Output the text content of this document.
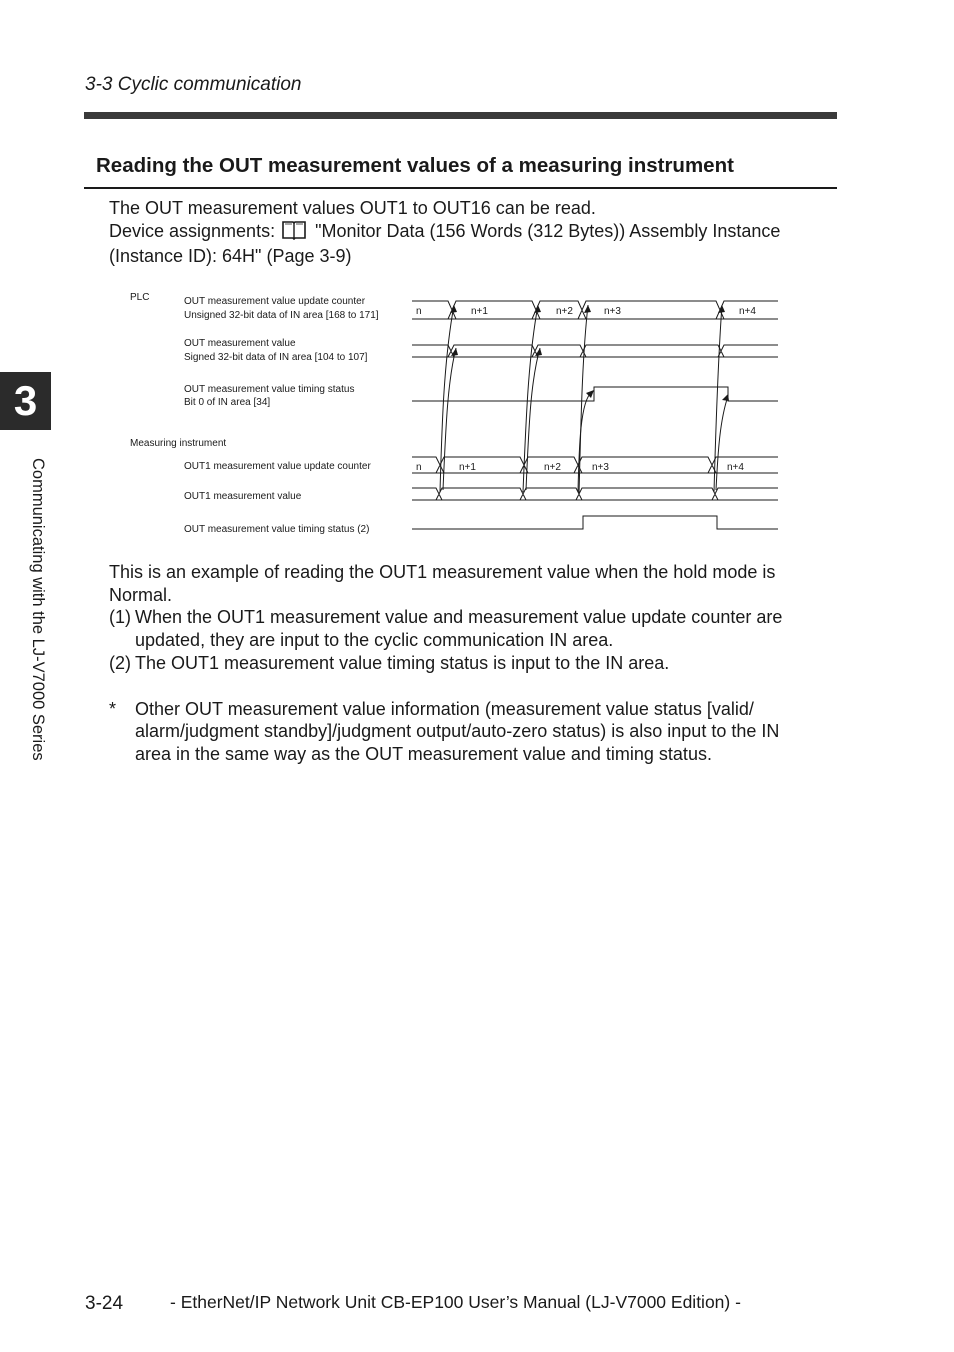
3-3 Cyclic communication
Reading the OUT measurement values of a measuring instrument
The OUT measurement values OUT1 to OUT16 can be read.
Device assignments: "Monitor Data (156 Words (312 Bytes)) Assembly Instance
(Instance ID): 64H" (Page 3-9)
PLC
Measuring instrument
OUT measurement value update counter
Unsigned 32-bit data of IN area [168 to 171]
OUT measurement value
Signed 32-bit data of IN area [104 to 107]
OUT measurement value timing status
Bit 0 of IN area [34]
OUT1 measurement value update counter
OUT1 measurement value
OUT measurement value timing status (2)
n	n+1	n+2	n+3	n+4
n	n+1	n+2	n+3	n+4
3
Communicating with the LJ-V7000 Series	This is an example of reading the OUT1 measurement value when the hold mode is

Normal.

(1) When the OUT1 measurement value and measurement value update counter are
updated, they are input to the cyclic communication IN area.
(2) The OUT1 measurement value timing status is input to the IN area.
*	Other OUT measurement value information (measurement value status [valid/
alarm/judgment standby]/judgment output/auto-zero status) is also input to the IN
area in the same way as the OUT measurement value and timing status.
3-24	- EtherNet/IP Network Unit CB-EP100 User’s Manual (LJ-V7000 Edition) -
